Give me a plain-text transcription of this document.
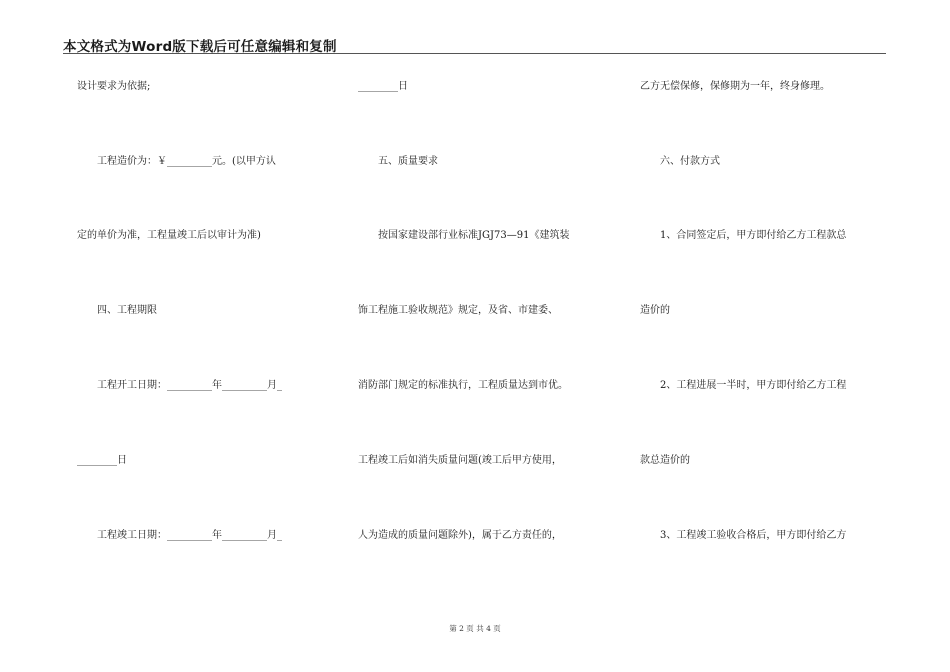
本文格式为Word版下载后可任意编辑和复制
设计要求为依据;
　　工程造价为：￥_________元。(以甲方认
定的单价为准，工程量竣工后以审计为准)
　　四、工程期限
　　工程开工日期：_________年_________月_
________日
　　工程竣工日期：_________年_________月_
________日
　　五、质量要求
　　按国家建设部行业标准JGJ73—91《建筑装
饰工程施工验收规范》规定，及省、市建委、
消防部门规定的标准执行，工程质量达到市优。
工程竣工后如消失质量问题(竣工后甲方使用，
人为造成的质量问题除外)，属于乙方责任的，
乙方无偿保修，保修期为一年，终身修理。
　　六、付款方式
　　1、合同签定后，甲方即付给乙方工程款总
造价的
　　2、工程进展一半时，甲方即付给乙方工程
款总造价的
　　3、工程竣工验收合格后，甲方即付给乙方
第 2 页 共 4 页
